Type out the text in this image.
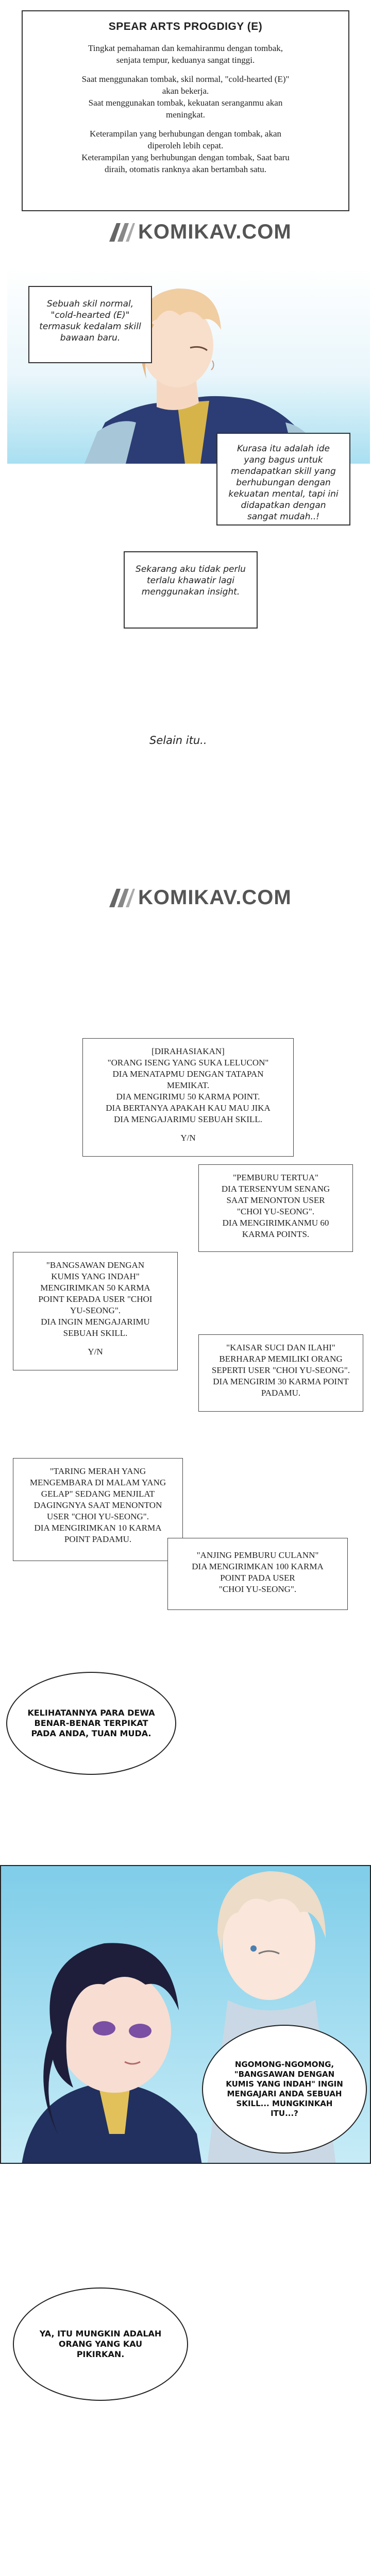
SPEAR ARTS PROGDIGY (E)

Tingkat pemahaman dan kemahiranmu dengan tombak,

senjata tempur, keduanya sangat tinggi.

Saat menggunakan tombak, skil normal, "cold-hearted (E)"

akan bekerja.

Saat menggunakan tombak, kekuatan seranganmu akan

meningkat.

Keterampilan yang berhubungan dengan tombak, akan

diperoleh lebih cepat.

Keterampilan yang berhubungan dengan tombak, Saat baru

diraih, otomatis ranknya akan bertambah satu.

KOMIKAV.COM
Sebuah skil normal, "cold-hearted (E)" termasuk kedalam skill bawaan baru.
Kurasa itu adalah ide yang bagus untuk mendapatkan skill yang berhubungan dengan kekuatan mental, tapi ini didapatkan dengan sangat mudah..!
Sekarang aku tidak perlu terlalu khawatir lagi menggunakan insight.
Selain itu..
KOMIKAV.COM

[DIRAHASIAKAN]

"ORANG ISENG YANG SUKA LELUCON"

DIA MENATAPMU DENGAN TATAPAN

MEMIKAT.

DIA MENGIRIMU 50 KARMA POINT.

DIA BERTANYA APAKAH KAU MAU JIKA

DIA MENGAJARIMU SEBUAH SKILL.

Y/N

"PEMBURU TERTUA"

DIA TERSENYUM SENANG

SAAT MENONTON USER

"CHOI YU-SEONG".

DIA MENGIRIMKANMU 60

KARMA POINTS.

"BANGSAWAN DENGAN

KUMIS YANG INDAH"

MENGIRIMKAN 50 KARMA

POINT KEPADA USER "CHOI

YU-SEONG".

DIA INGIN MENGAJARIMU

SEBUAH SKILL.

Y/N	"KAISAR SUCI DAN ILAHI"

BERHARAP MEMILIKI ORANG

SEPERTI USER "CHOI YU-SEONG".

DIA MENGIRIM 30 KARMA POINT

PADAMU.

"TARING MERAH YANG

MENGEMBARA DI MALAM YANG

GELAP" SEDANG MENJILAT

DAGINGNYA SAAT MENONTON

USER "CHOI YU-SEONG".

DIA MENGIRIMKAN 10 KARMA

POINT PADAMU.

"ANJING PEMBURU CULANN"

DIA MENGIRIMKAN 100 KARMA

POINT PADA USER

"CHOI YU-SEONG".

KELIHATANNYA PARA DEWA BENAR-BENAR TERPIKAT PADA ANDA, TUAN MUDA.
NGOMONG-NGOMONG, "BANGSAWAN DENGAN KUMIS YANG INDAH" INGIN MENGAJARI ANDA SEBUAH SKILL... MUNGKINKAH ITU...?
YA, ITU MUNGKIN ADALAH ORANG YANG KAU PIKIRKAN.
